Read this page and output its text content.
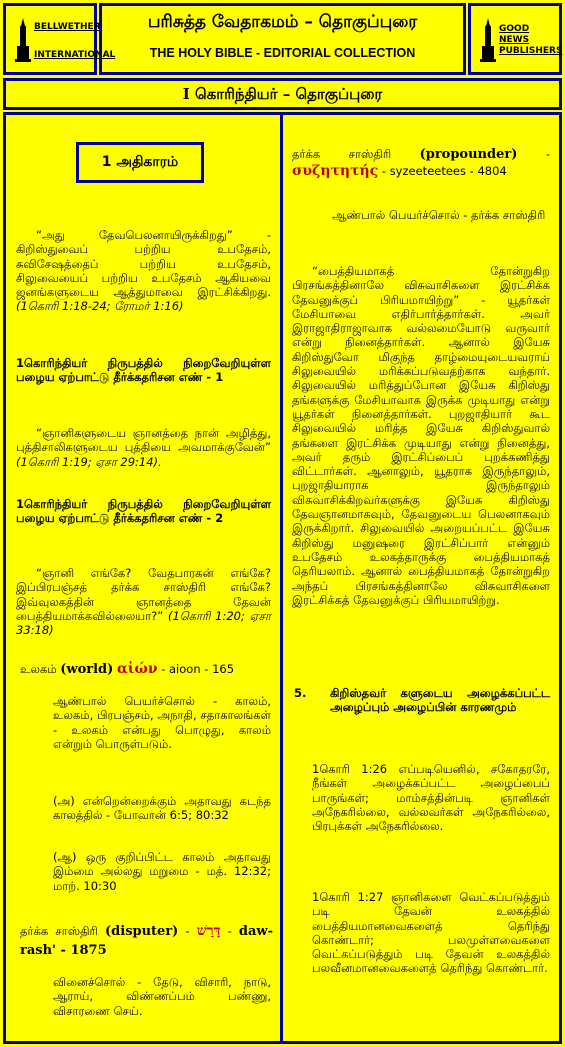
BELLWETHER
INTERNATIONAL
பரிசுத்த வேதாகமம் – தொகுப்புரை
THE HOLY BIBLE - EDITORIAL COLLECTION
GOOD NEWS
PUBLISHERS
I கொரிந்தியர் – தொகுப்புரை
1 அதிகாரம்
“அது தேவபெலனாயிருக்கிறது” - கிறிஸ்துவைப் பற்றிய உபதேசம், சுவிசேஷத்தைப் பற்றிய உபதேசம், சிலுவையைப் பற்றிய உபதேசம் ஆகியவை ஜனங்களுடைய ஆத்துமாவை இரட்சிக்கிறது. (1கொரி 1:18-24; ரோமர் 1:16)
1கொரிந்தியர் நிருபத்தில் நிறைவேறியுள்ள பழைய ஏற்பாட்டு தீர்க்கதரிசன எண் - 1
“ஞானிகளுடைய ஞானத்தை நான் அழித்து, புத்திசாலிகளுடைய புத்தியை அவமாக்குவேன்” (1கொரி 1:19; ஏசா 29:14).
1கொரிந்தியர் நிருபத்தில் நிறைவேறியுள்ள பழைய ஏற்பாட்டு தீர்க்கதரிசன எண் - 2
“ஞானி எங்கே? வேதபாரகன் எங்கே? இப்பிரபஞ்சத் தர்க்க சாஸ்திரி எங்கே? இவ்வுலகத்தின் ஞானத்தை தேவன் பைத்தியமாக்கவில்லையா?” (1கொரி 1:20; ஏசா 33:18)
உலகம் (world) αἰών - aioon - 165
ஆண்பால் பெயர்ச்சொல் - காலம், உலகம், பிரபஞ்சம், அநாதி, சதாகாலங்கள் - உலகம் என்பது பொழுது, காலம் என்றும் பொருள்படும்.
(அ) என்றென்றைக்கும் அதாவது கடந்த காலத்தில் - யோவான் 6:5; 80:32
(ஆ) ஒரு குறிப்பிட்ட காலம் அதாவது இம்மை அல்லது மறுமை - மத். 12:32; மாற். 10:30
தர்க்க சாஸ்திரி (disputer) - דָּרַשׁ - daw-rash' - 1875
வினைச்சொல் - தேடு, விசாரி, நாடு, ஆராய், விண்ணப்பம் பண்ணு, விசாரணை செய்.
தர்க்க சாஸ்திரி (propounder) - συζητητής - syzeeteetees - 4804
ஆண்பால் பெயர்ச்சொல் - தர்க்க சாஸ்திரி
“பைத்தியமாகத் தோன்றுகிற பிரசங்கத்தினாலே விசுவாசிகளை இரட்சிக்க தேவனுக்குப் பிரியமாயிற்று” - யூதர்கள் மேசியாவை எதிர்பார்த்தார்கள். அவர் இராஜாதிராஜாவாக வல்லமையோடு வருவார் என்று நினைத்தார்கள். ஆனால் இயேசு கிறிஸ்துவோ மிகுந்த தாழ்மையுடையவராய் சிலுவையில் மரிக்கப்படுவதற்காக வந்தார். சிலுவையில் மரித்துப்போன இயேசு கிறிஸ்து தங்களுக்கு மேசியாவாக இருக்க முடியாது என்று யூதர்கள் நினைத்தார்கள். புறஜாதியார் கூட சிலுவையில் மரித்த இயேசு கிறிஸ்துவால் தங்களை இரட்சிக்க முடியாது என்று நினைத்து, அவர் தரும் இரட்சிப்பைப் புறக்கணித்து விட்டார்கள். ஆனாலும், யூதராக இருந்தாலும், புறஜாதியாராக இருந்தாலும் விசுவாசிக்கிறவர்களுக்கு இயேசு கிறிஸ்து தேவஞானமாகவும், தேவனுடைய பெலனாகவும் இருக்கிறார். சிலுவையில் அறையப்பட்ட இயேசு கிறிஸ்து மனுஷரை இரட்சிப்பார் என்னும் உபதேசம் உலகத்தாருக்கு பைத்தியமாகத் தெரியலாம். ஆனால் பைத்தியமாகத் தோன்றுகிற அந்தப் பிரசங்கத்தினாலே விசுவாசிகளை இரட்சிக்கத் தேவனுக்குப் பிரியமாயிற்று.
5.	கிறிஸ்தவர் களுடைய அழைக்கப்பட்ட அழைப்பும் அழைப்பின் காரணமும்
1கொரி 1:26 எப்படியெனில், சகோதரரே, நீங்கள் அழைக்கப்பட்ட அழைப்பைப் பாருங்கள்; மாம்சத்தின்படி ஞானிகள் அநேகரில்லை, வல்லவர்கள் அநேகரில்லை, பிரபுக்கள் அநேகரில்லை.
1கொரி 1:27 ஞானிகளை வெட்கப்படுத்தும் படி தேவன் உலகத்தில் பைத்தியமானவைகளைத் தெரிந்து கொண்டார்; பலமுள்ளவைகளை வெட்கப்படுத்தும் படி தேவன் உலகத்தில் பலவீனமானவைகளைத் தெரிந்து கொண்டார்.
